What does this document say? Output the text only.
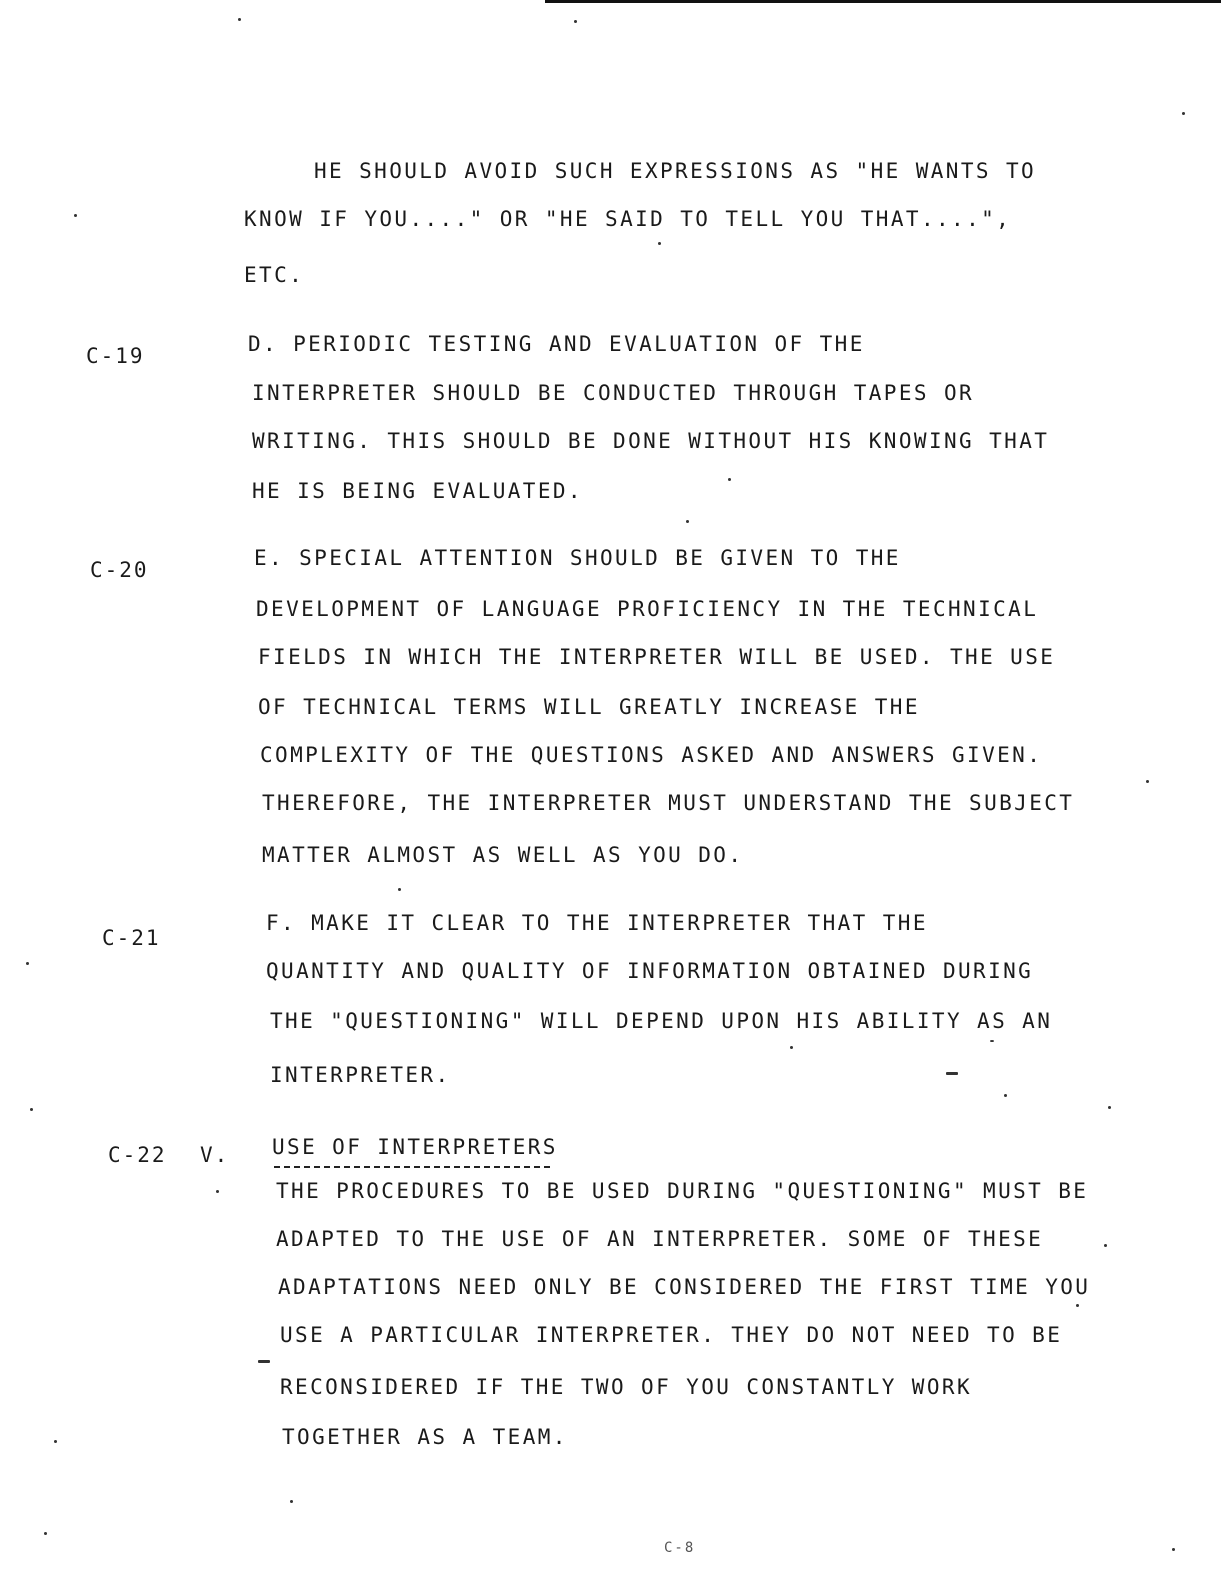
HE SHOULD AVOID SUCH EXPRESSIONS AS "HE WANTS TO
KNOW IF YOU...." OR "HE SAID TO TELL YOU THAT....",
ETC.
C-19	D. PERIODIC TESTING AND EVALUATION OF THE
INTERPRETER SHOULD BE CONDUCTED THROUGH TAPES OR
WRITING. THIS SHOULD BE DONE WITHOUT HIS KNOWING THAT
HE IS BEING EVALUATED.
C-20	E. SPECIAL ATTENTION SHOULD BE GIVEN TO THE
DEVELOPMENT OF LANGUAGE PROFICIENCY IN THE TECHNICAL
FIELDS IN WHICH THE INTERPRETER WILL BE USED. THE USE
OF TECHNICAL TERMS WILL GREATLY INCREASE THE
COMPLEXITY OF THE QUESTIONS ASKED AND ANSWERS GIVEN.
THEREFORE, THE INTERPRETER MUST UNDERSTAND THE SUBJECT
MATTER ALMOST AS WELL AS YOU DO.
C-21
F. MAKE IT CLEAR TO THE INTERPRETER THAT THE
QUANTITY AND QUALITY OF INFORMATION OBTAINED DURING
THE "QUESTIONING" WILL DEPEND UPON HIS ABILITY AS AN
INTERPRETER.
C-22 V. USE OF INTERPRETERS
THE PROCEDURES TO BE USED DURING "QUESTIONING" MUST BE
ADAPTED TO THE USE OF AN INTERPRETER. SOME OF THESE
ADAPTATIONS NEED ONLY BE CONSIDERED THE FIRST TIME YOU
USE A PARTICULAR INTERPRETER. THEY DO NOT NEED TO BE
RECONSIDERED IF THE TWO OF YOU CONSTANTLY WORK
TOGETHER AS A TEAM.
C-8
